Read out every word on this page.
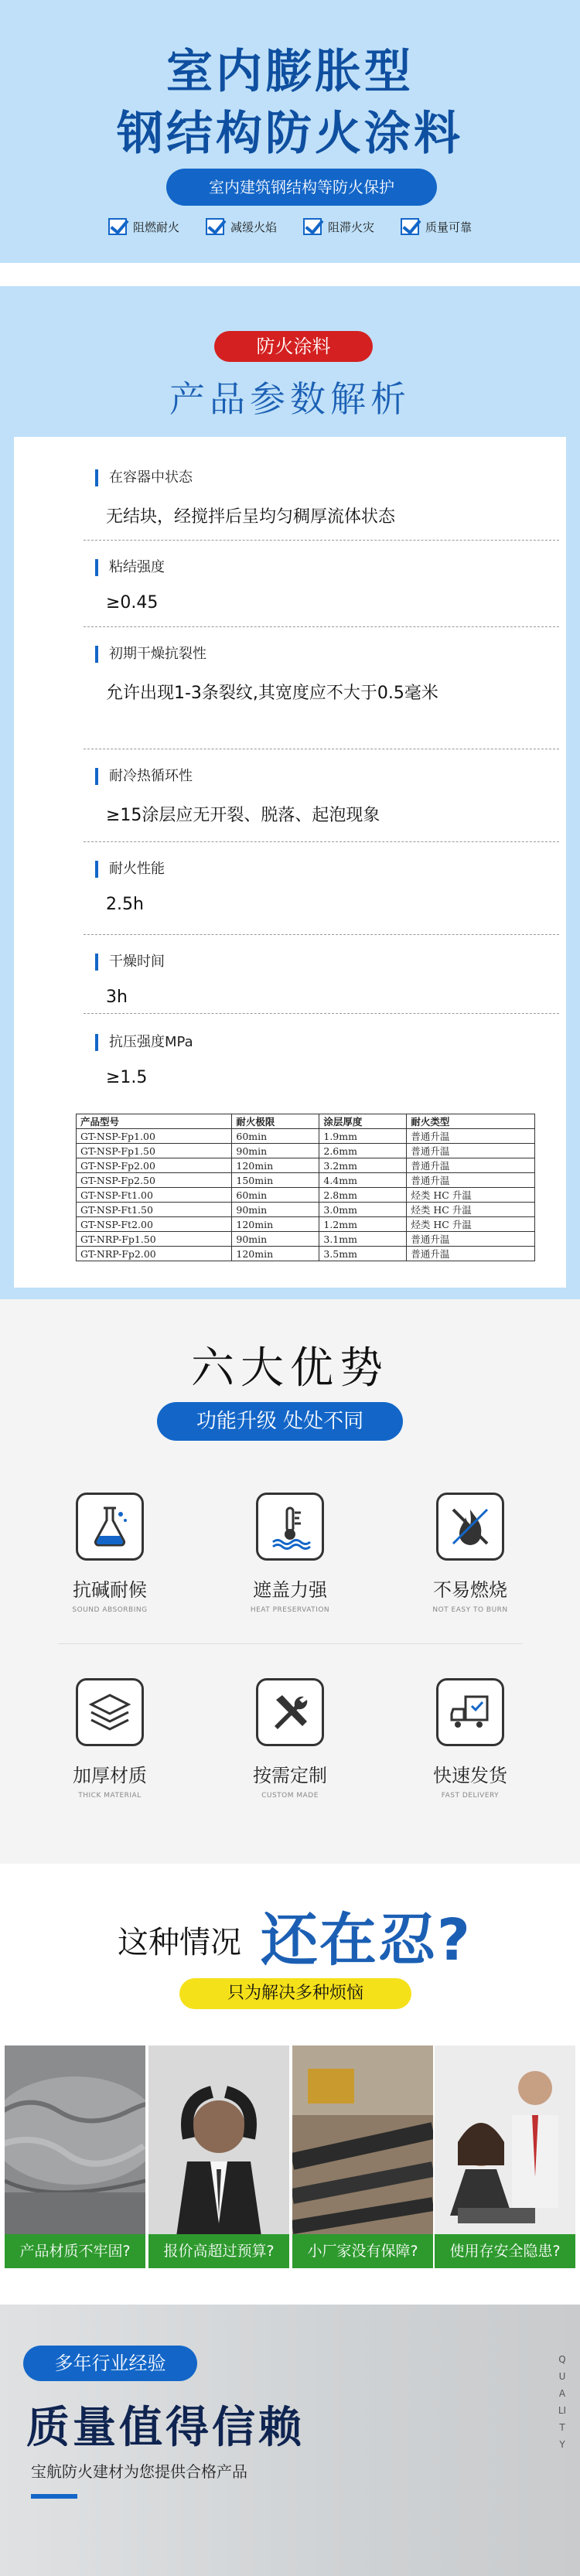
室内膨胀型
钢结构防火涂料
室内建筑钢结构等防火保护
阻燃耐火	减缓火焰	阻滞火灾	质量可靠
防火涂料
产品参数解析
在容器中状态
无结块，经搅拌后呈均匀稠厚流体状态
粘结强度
≥0.45
初期干燥抗裂性
允许出现1-3条裂纹,其宽度应不大于0.5毫米
耐冷热循环性
≥15涂层应无开裂、脱落、起泡现象
耐火性能
2.5h
干燥时间
3h
抗压强度MPa
≥1.5
产品型号	耐火极限	涂层厚度	耐火类型
GT-NSP-Fp1.00	60min	1.9mm	普通升温
GT-NSP-Fp1.50	90min	2.6mm	普通升温
GT-NSP-Fp2.00	120min	3.2mm	普通升温
GT-NSP-Fp2.50	150min	4.4mm	普通升温
GT-NSP-Ft1.00	60min	2.8mm	烃类 HC 升温
GT-NSP-Ft1.50	90min	3.0mm	烃类 HC 升温
GT-NSP-Ft2.00	120min	1.2mm	烃类 HC 升温
GT-NRP-Fp1.50	90min	3.1mm	普通升温
GT-NRP-Fp2.00	120min	3.5mm	普通升温
六大优势
功能升级 处处不同
抗碱耐候
SOUND ABSORBING
遮盖力强
HEAT PRESERVATION
不易燃烧
NOT EASY TO BURN
加厚材质
THICK MATERIAL
按需定制
CUSTOM MADE
快速发货
FAST DELIVERY
这种情况 还在忍?
只为解决多种烦恼
产品材质不牢固?	报价高超过预算?	小厂家没有保障?	使用存安全隐患?
多年行业经验
质量值得信赖
宝航防火建材为您提供合格产品
QUALITY
